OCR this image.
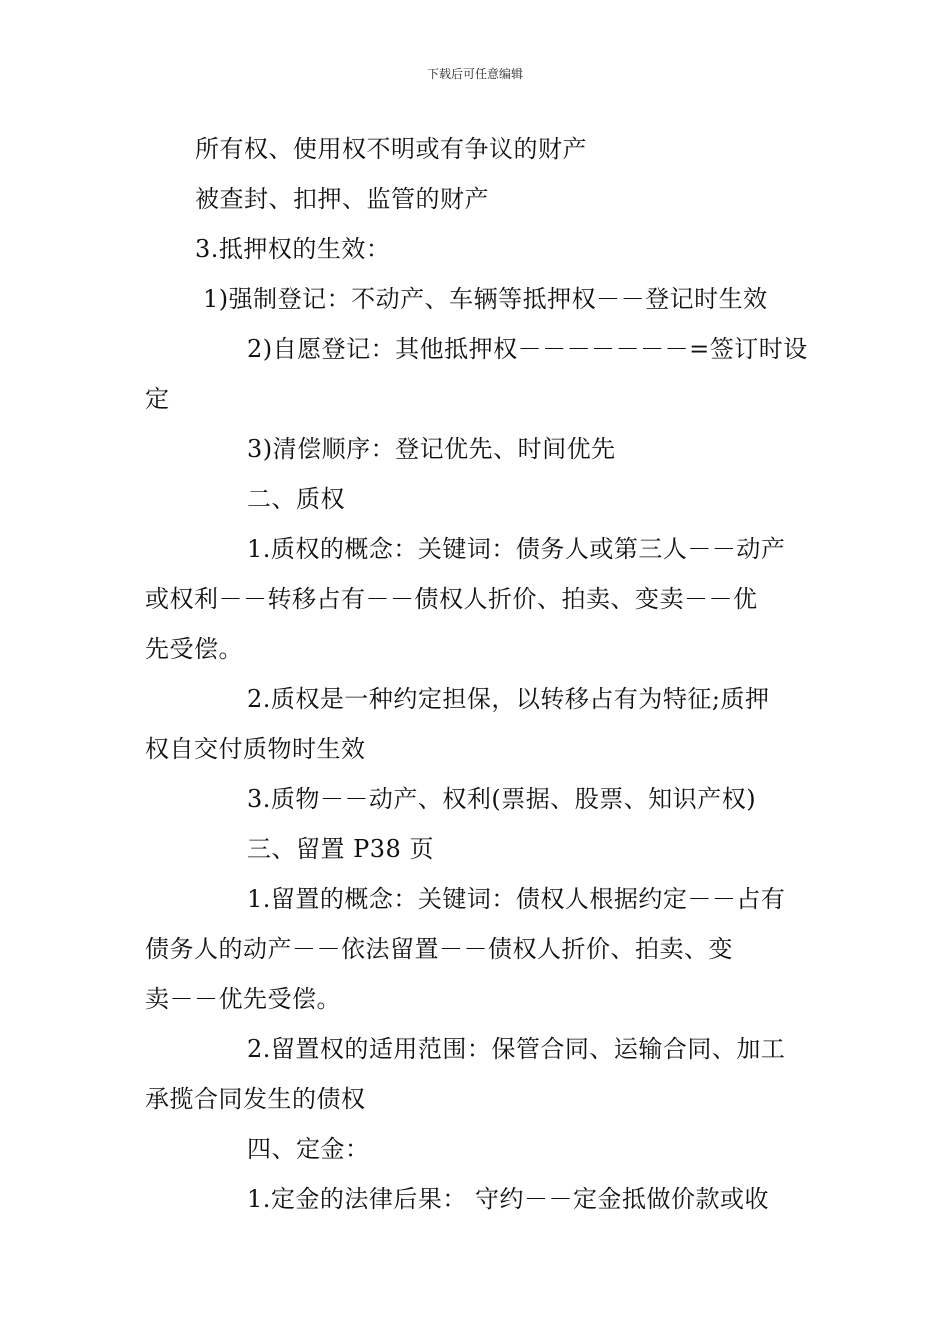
下载后可任意编辑
所有权、使用权不明或有争议的财产
被查封、扣押、监管的财产
3.抵押权的生效：
1)强制登记：不动产、车辆等抵押权－－登记时生效
2)自愿登记：其他抵押权－－－－－－－=签订时设
定
3)清偿顺序：登记优先、时间优先
二、质权
1.质权的概念：关键词：债务人或第三人－－动产
或权利－－转移占有－－债权人折价、拍卖、变卖－－优
先受偿。
2.质权是一种约定担保，以转移占有为特征;质押
权自交付质物时生效
3.质物－－动产、权利(票据、股票、知识产权)
三、留置 P38 页
1.留置的概念：关键词：债权人根据约定－－占有
债务人的动产－－依法留置－－债权人折价、拍卖、变
卖－－优先受偿。
2.留置权的适用范围：保管合同、运输合同、加工
承揽合同发生的债权
四、定金：
1.定金的法律后果： 守约－－定金抵做价款或收
